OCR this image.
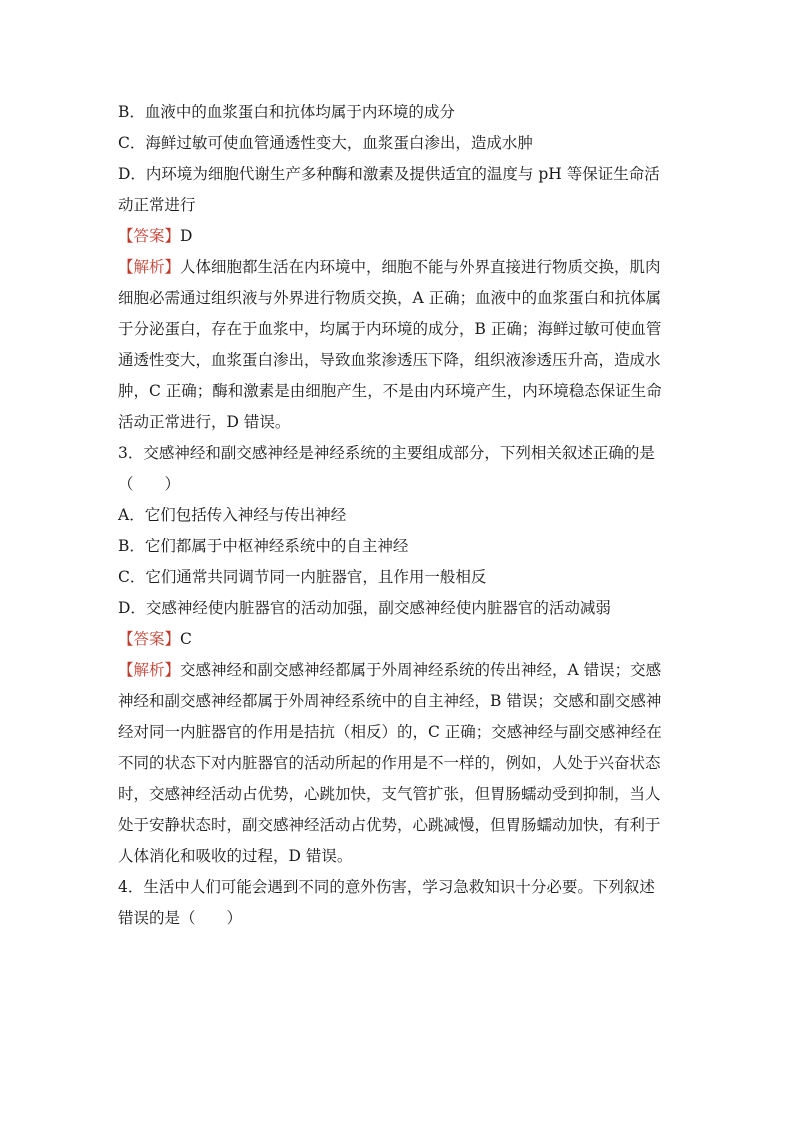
B．血液中的血浆蛋白和抗体均属于内环境的成分
C．海鲜过敏可使血管通透性变大，血浆蛋白渗出，造成水肿
D．内环境为细胞代谢生产多种酶和激素及提供适宜的温度与 pH 等保证生命活
动正常进行
【答案】D
【解析】人体细胞都生活在内环境中，细胞不能与外界直接进行物质交换，肌肉
细胞必需通过组织液与外界进行物质交换，A 正确；血液中的血浆蛋白和抗体属
于分泌蛋白，存在于血浆中，均属于内环境的成分，B 正确；海鲜过敏可使血管
通透性变大，血浆蛋白渗出，导致血浆渗透压下降，组织液渗透压升高，造成水
肿，C 正确；酶和激素是由细胞产生，不是由内环境产生，内环境稳态保证生命
活动正常进行，D 错误。
3．交感神经和副交感神经是神经系统的主要组成部分，下列相关叙述正确的是
（　　）
A．它们包括传入神经与传出神经
B．它们都属于中枢神经系统中的自主神经
C．它们通常共同调节同一内脏器官，且作用一般相反
D．交感神经使内脏器官的活动加强，副交感神经使内脏器官的活动减弱
【答案】C
【解析】交感神经和副交感神经都属于外周神经系统的传出神经，A 错误；交感
神经和副交感神经都属于外周神经系统中的自主神经，B 错误；交感和副交感神
经对同一内脏器官的作用是拮抗（相反）的，C 正确；交感神经与副交感神经在
不同的状态下对内脏器官的活动所起的作用是不一样的，例如，人处于兴奋状态
时，交感神经活动占优势，心跳加快，支气管扩张，但胃肠蠕动受到抑制，当人
处于安静状态时，副交感神经活动占优势，心跳减慢，但胃肠蠕动加快，有利于
人体消化和吸收的过程，D 错误。
4．生活中人们可能会遇到不同的意外伤害，学习急救知识十分必要。下列叙述
错误的是（　　）
